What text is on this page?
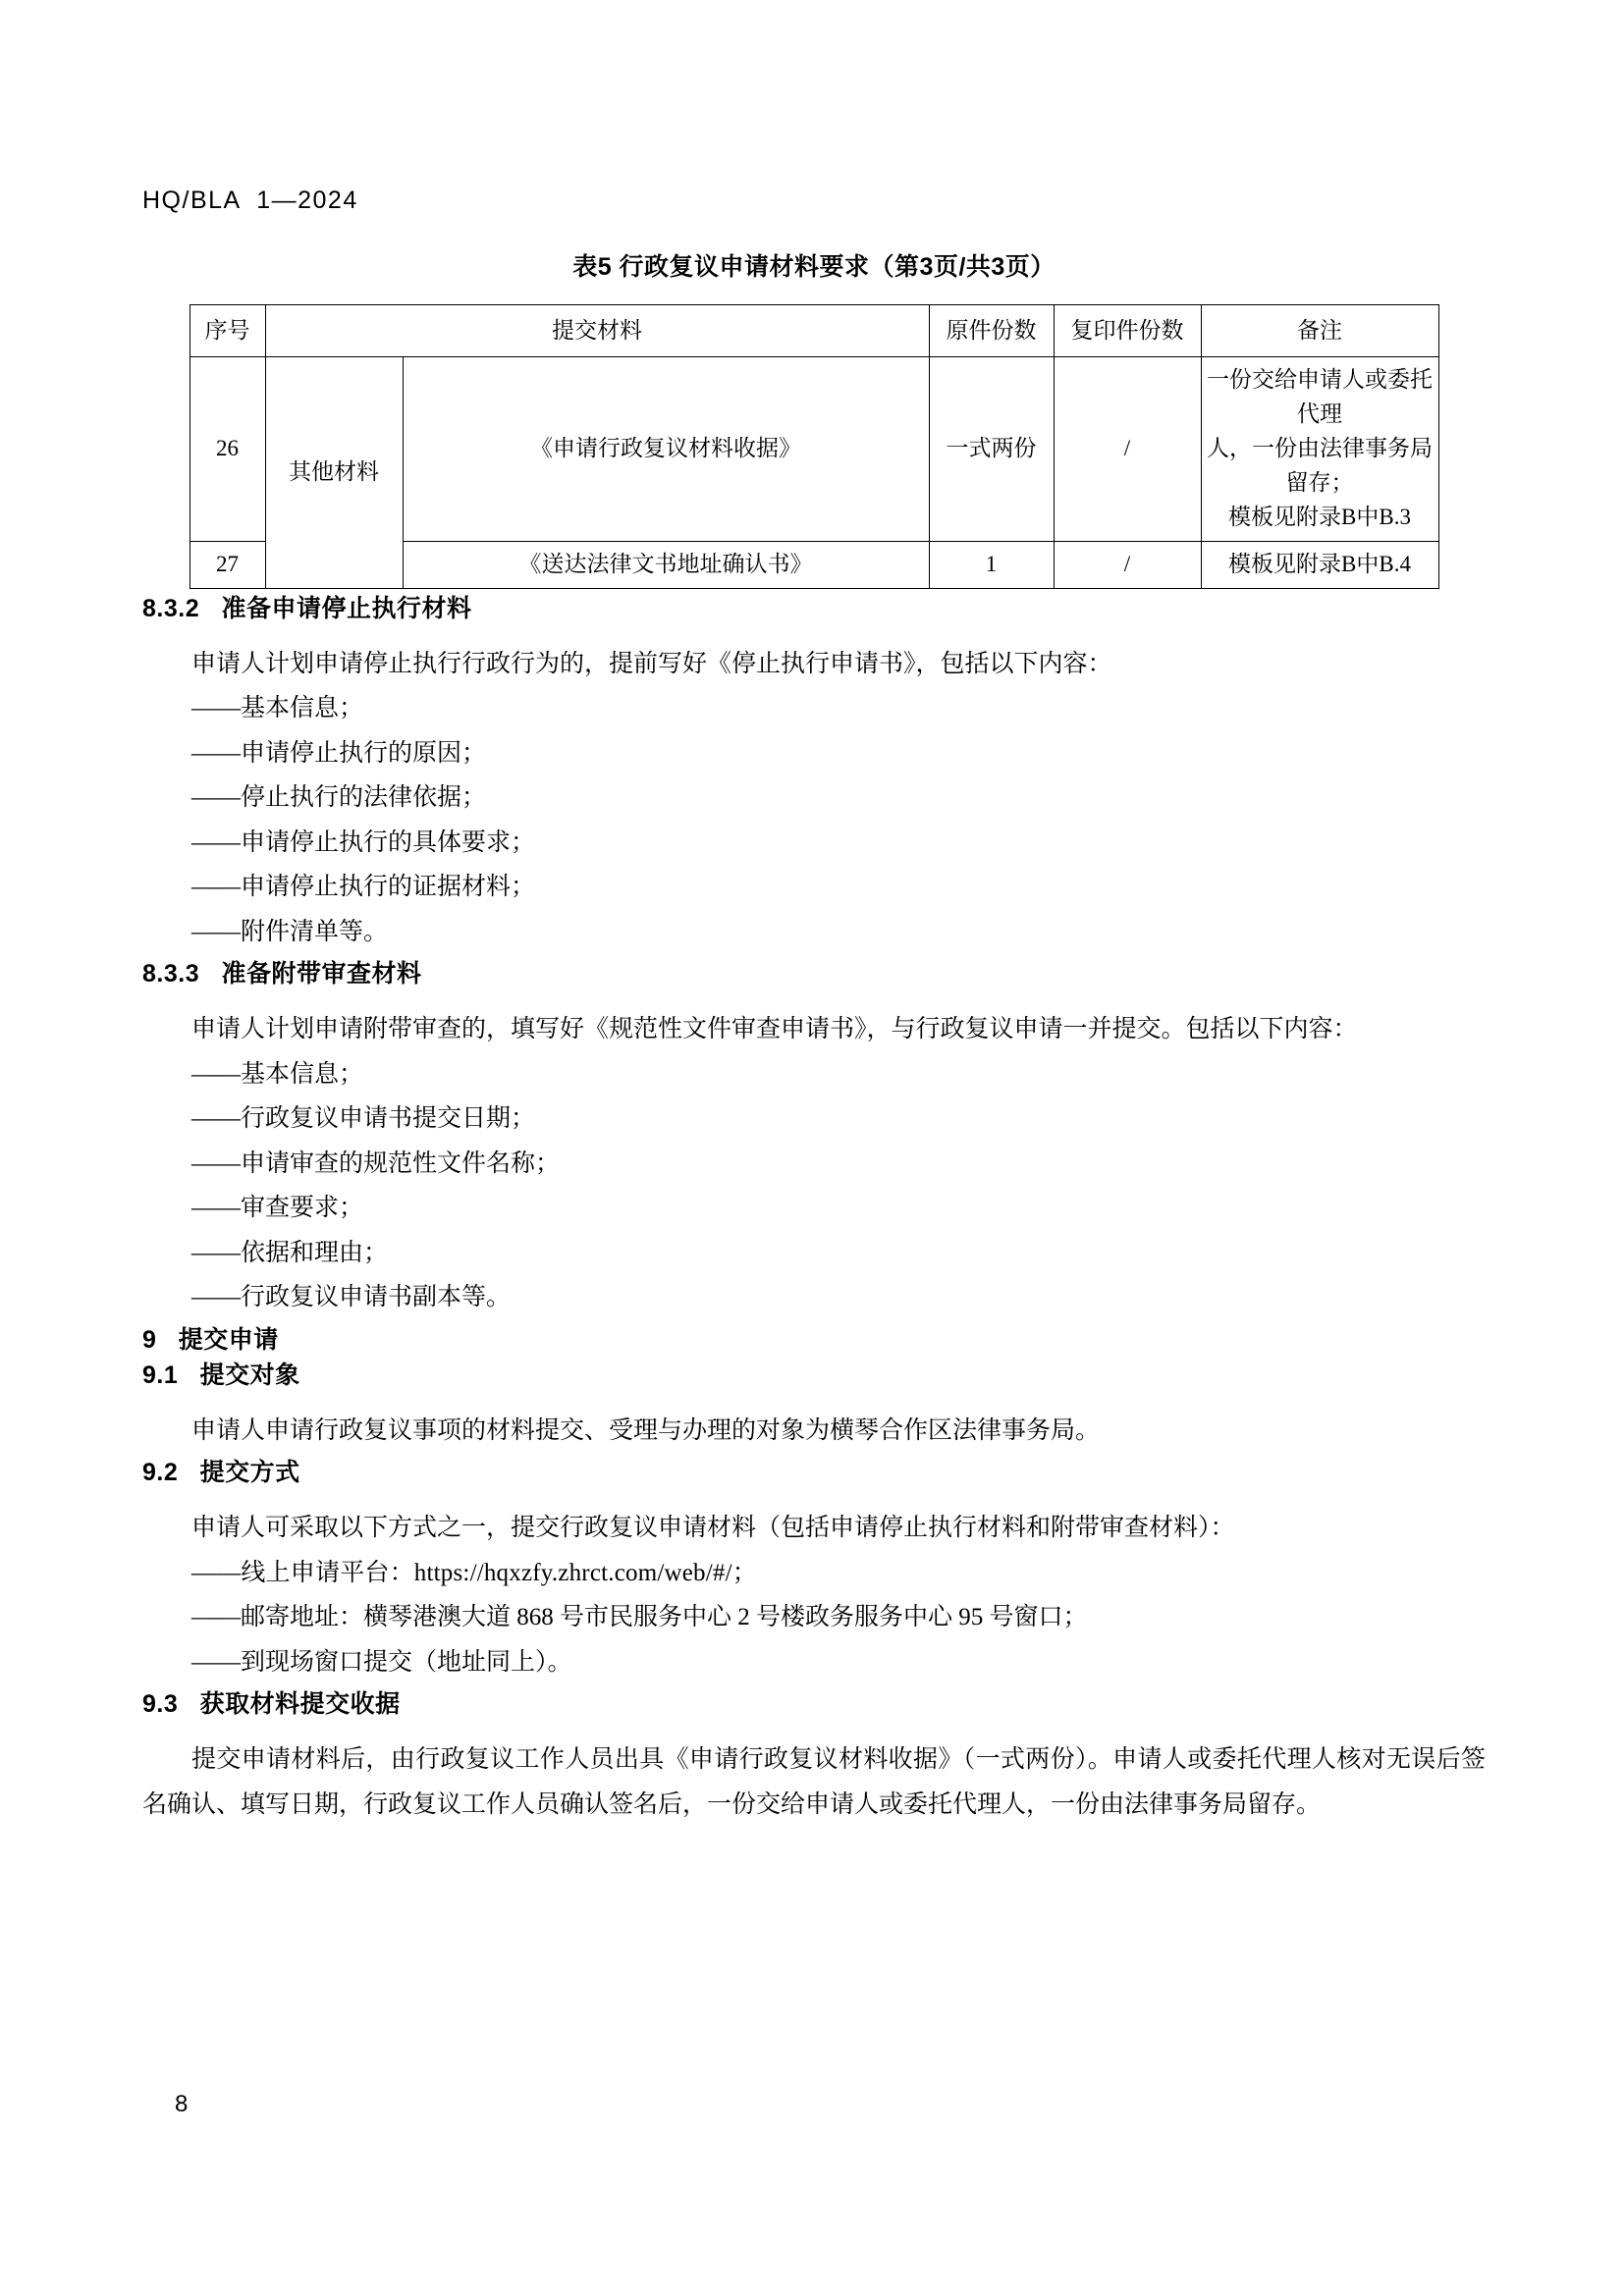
HQ/BLA  1—2024
表5 行政复议申请材料要求（第3页/共3页）
序号	提交材料		原件份数	复印件份数	备注
26	其他材料	《申请行政复议材料收据》	一式两份	/	一份交给申请人或委托代理
人，一份由法律事务局留存；
模板见附录B中B.3
27		《送达法律文书地址确认书》	1	/	模板见附录B中B.4
8.3.2   准备申请停止执行材料

申请人计划申请停止执行行政行为的，提前写好《停止执行申请书》，包括以下内容：

——基本信息；
——申请停止执行的原因；
——停止执行的法律依据；
——申请停止执行的具体要求；
——申请停止执行的证据材料；
——附件清单等。
8.3.3   准备附带审查材料

申请人计划申请附带审查的，填写好《规范性文件审查申请书》，与行政复议申请一并提交。包括以下内容：

——基本信息；
——行政复议申请书提交日期；
——申请审查的规范性文件名称；
——审查要求；
——依据和理由；
——行政复议申请书副本等。
9   提交申请
9.1   提交对象

申请人申请行政复议事项的材料提交、受理与办理的对象为横琴合作区法律事务局。

9.2   提交方式

申请人可采取以下方式之一，提交行政复议申请材料（包括申请停止执行材料和附带审查材料）：

——线上申请平台：https://hqxzfy.zhrct.com/web/#/；
——邮寄地址：横琴港澳大道 868 号市民服务中心 2 号楼政务服务中心 95 号窗口；
——到现场窗口提交（地址同上）。
9.3   获取材料提交收据

提交申请材料后，由行政复议工作人员出具《申请行政复议材料收据》（一式两份）。申请人或委托代理人核对无误后签名确认、填写日期，行政复议工作人员确认签名后，一份交给申请人或委托代理人，一份由法律事务局留存。

8
